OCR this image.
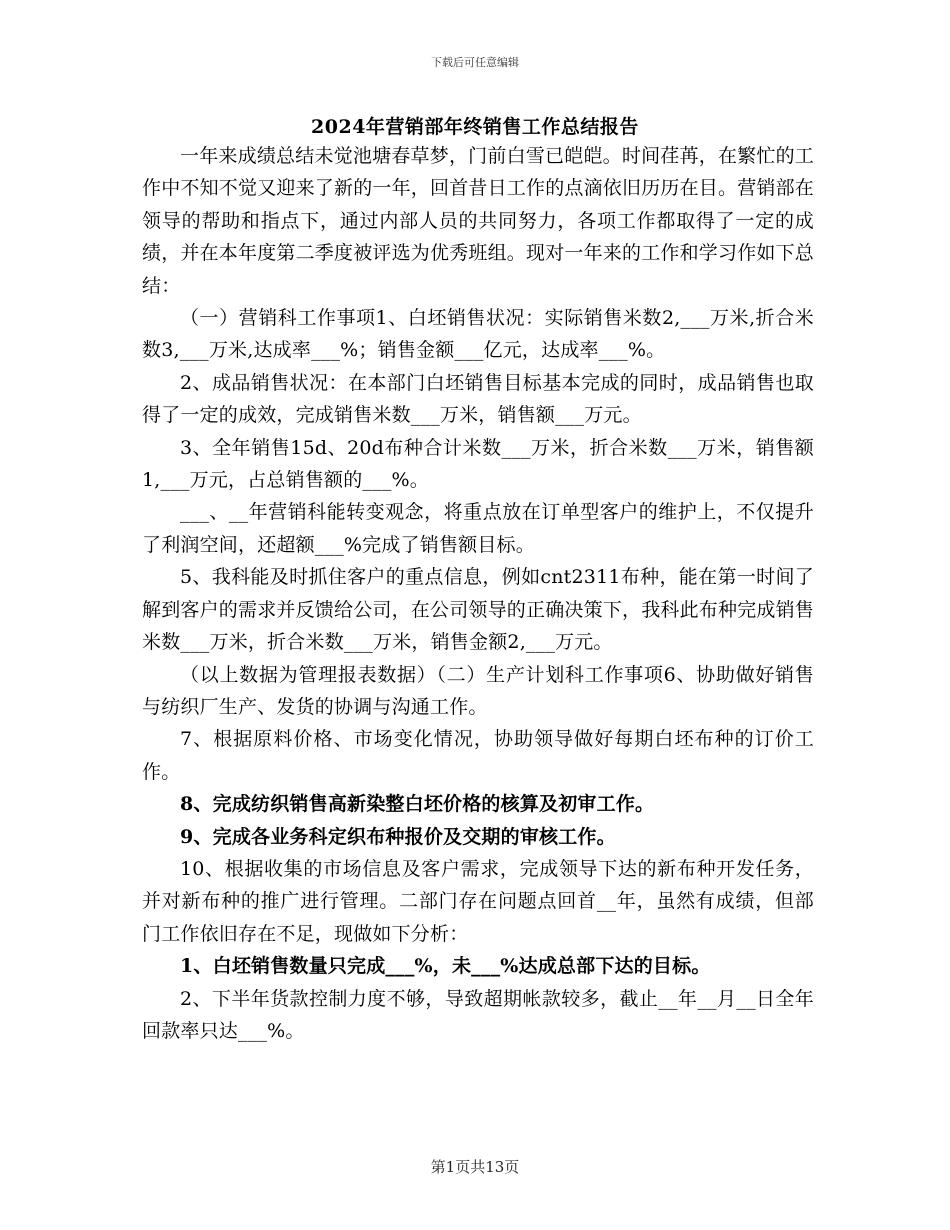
下载后可任意编辑
2024年营销部年终销售工作总结报告

一年来成绩总结未觉池塘春草梦，门前白雪已皑皑。时间荏苒，在繁忙的工作中不知不觉又迎来了新的一年，回首昔日工作的点滴依旧历历在目。营销部在领导的帮助和指点下，通过内部人员的共同努力，各项工作都取得了一定的成绩，并在本年度第二季度被评选为优秀班组。现对一年来的工作和学习作如下总结：

（一）营销科工作事项1、白坯销售状况：实际销售米数2,___万米,折合米数3,___万米,达成率___%；销售金额___亿元，达成率___%。

2、成品销售状况：在本部门白坯销售目标基本完成的同时，成品销售也取得了一定的成效，完成销售米数___万米，销售额___万元。

3、全年销售15d、20d布种合计米数___万米，折合米数___万米，销售额1,___万元，占总销售额的___%。

___、__年营销科能转变观念，将重点放在订单型客户的维护上，不仅提升了利润空间，还超额___%完成了销售额目标。

5、我科能及时抓住客户的重点信息，例如cnt2311布种，能在第一时间了解到客户的需求并反馈给公司，在公司领导的正确决策下，我科此布种完成销售米数___万米，折合米数___万米，销售金额2,___万元。

（以上数据为管理报表数据）（二）生产计划科工作事项6、协助做好销售与纺织厂生产、发货的协调与沟通工作。

7、根据原料价格、市场变化情况，协助领导做好每期白坯布种的订价工作。

8、完成纺织销售高新染整白坯价格的核算及初审工作。

9、完成各业务科定织布种报价及交期的审核工作。

10、根据收集的市场信息及客户需求，完成领导下达的新布种开发任务，并对新布种的推广进行管理。二部门存在问题点回首__年，虽然有成绩，但部门工作依旧存在不足，现做如下分析：

1、白坯销售数量只完成___%，未___%达成总部下达的目标。

2、下半年货款控制力度不够，导致超期帐款较多，截止__年__月__日全年回款率只达___%。

第1页共13页
